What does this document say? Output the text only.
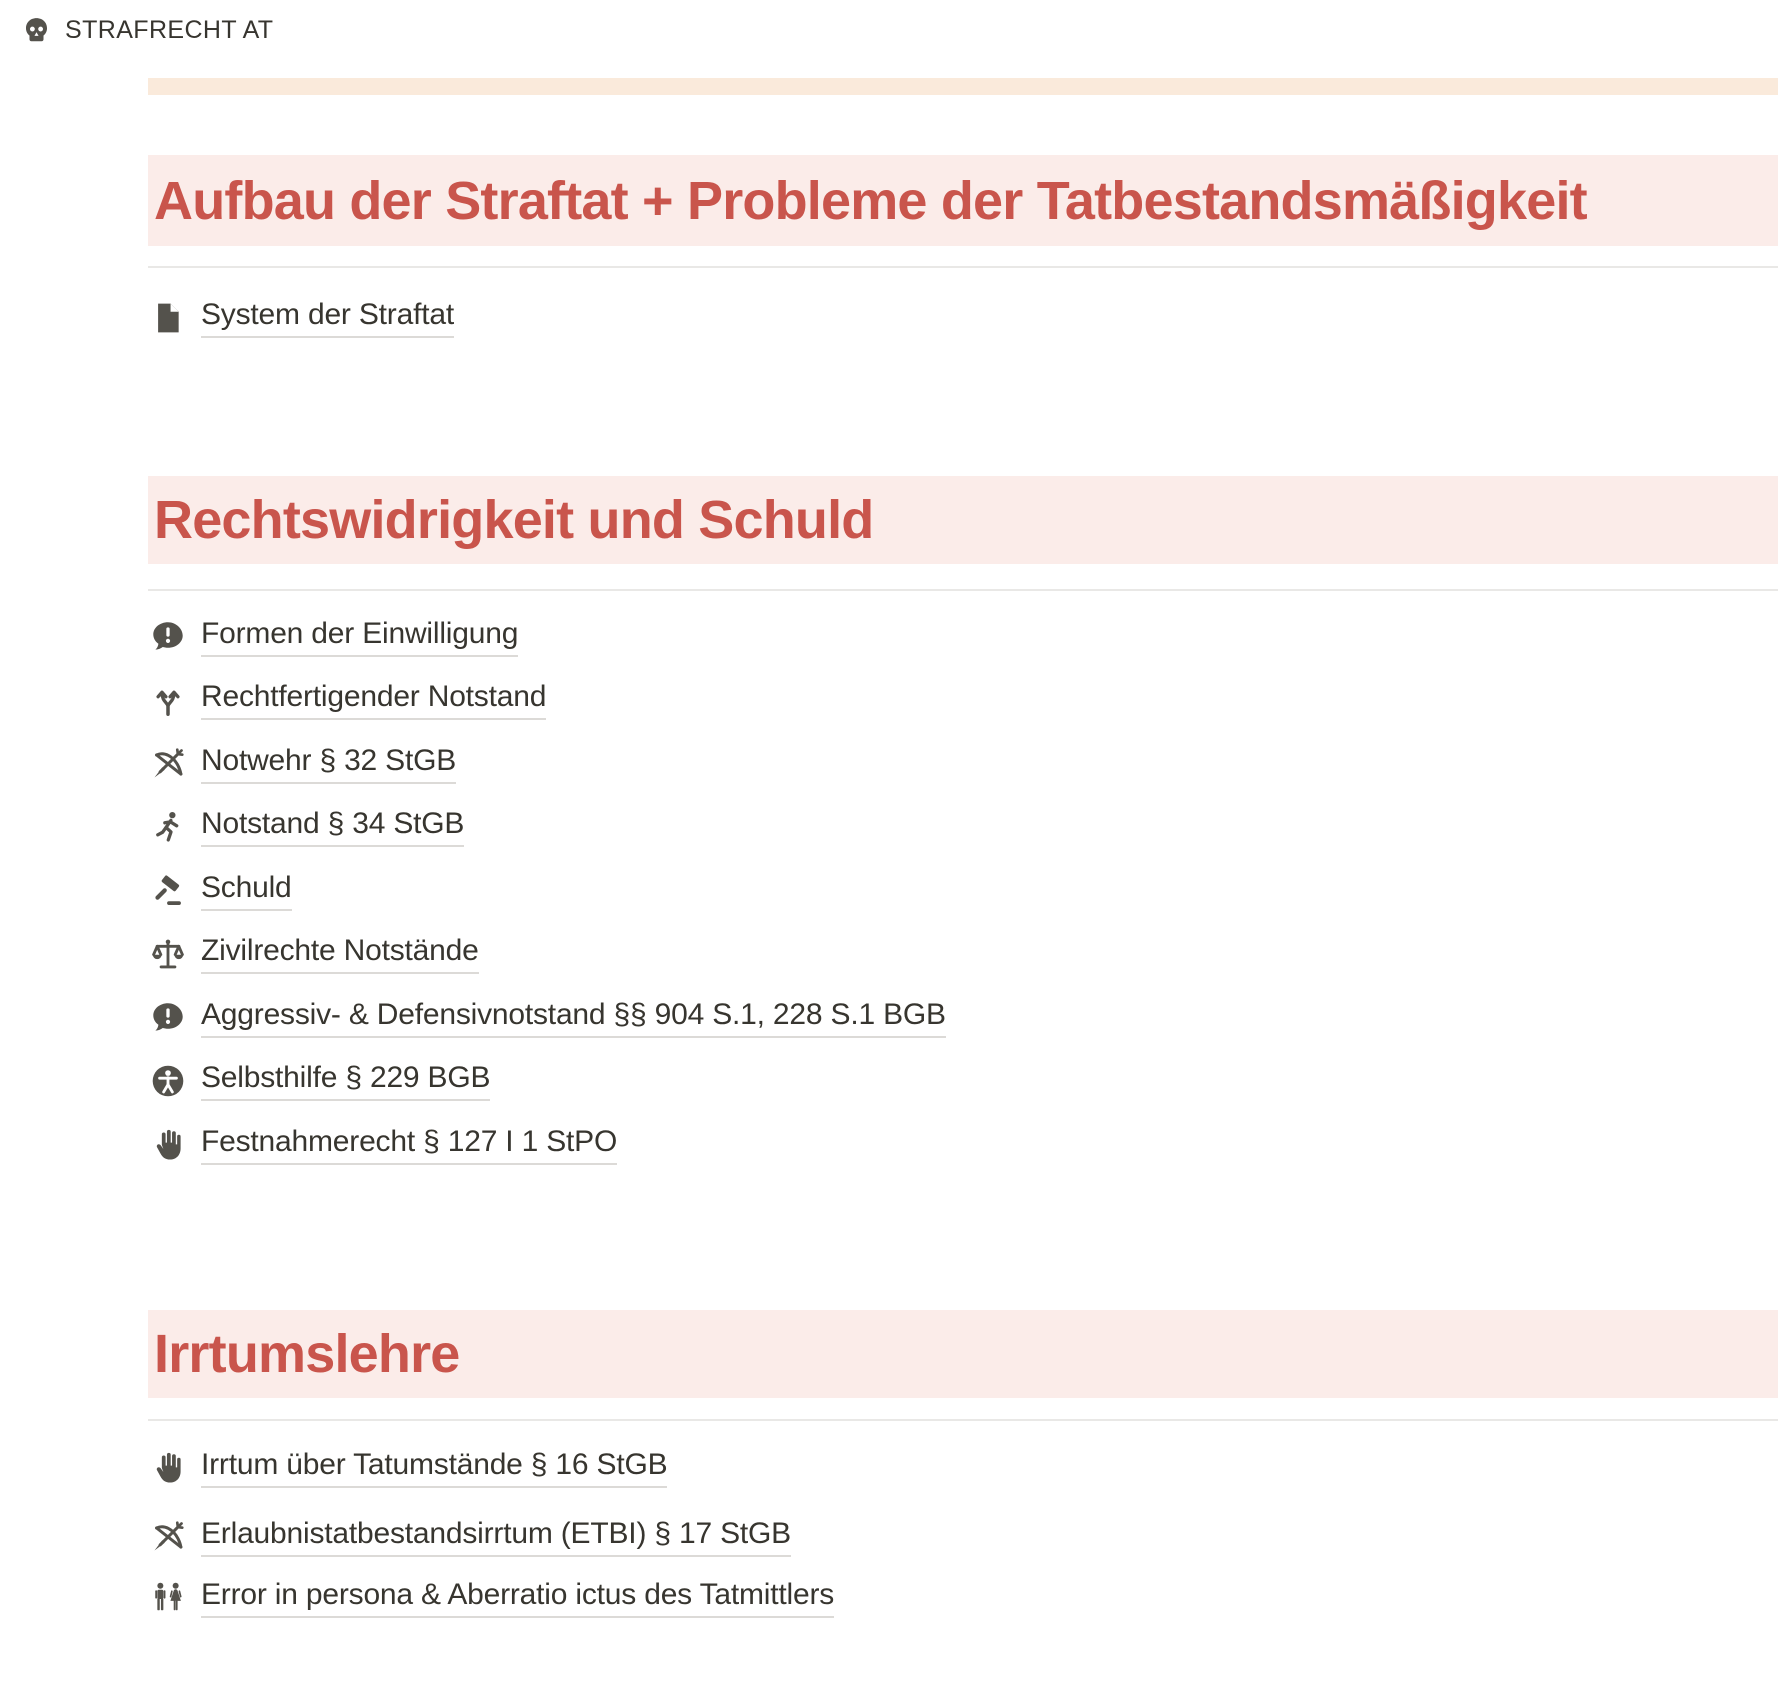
STRAFRECHT AT
Aufbau der Straftat + Probleme der Tatbestandsmäßigkeit
System der Straftat
Rechtswidrigkeit und Schuld
Formen der Einwilligung
Rechtfertigender Notstand
Notwehr § 32 StGB
Notstand § 34 StGB
Schuld
Zivilrechte Notstände
Aggressiv- & Defensivnotstand §§ 904 S.1, 228 S.1 BGB
Selbsthilfe § 229 BGB
Festnahmerecht § 127 I 1 StPO
Irrtumslehre
Irrtum über Tatumstände § 16 StGB
Erlaubnistatbestandsirrtum (ETBI) § 17 StGB
Error in persona & Aberratio ictus des Tatmittlers
